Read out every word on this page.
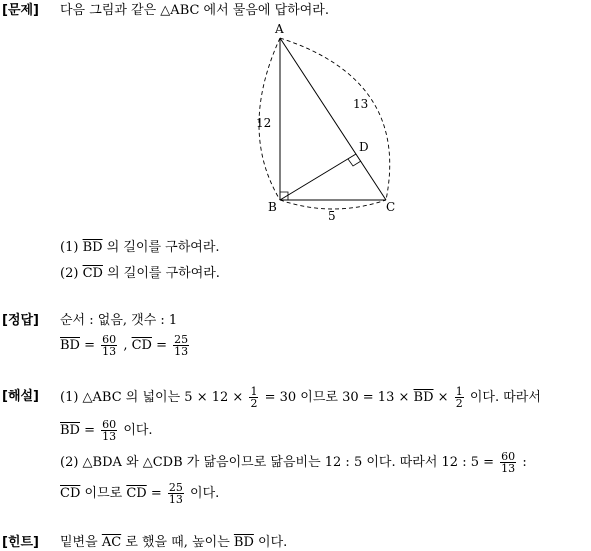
[문제] 다음 그림과 같은 △ABC 에서 물음에 답하여라.
A
B	C
D
12
13
5
(1) $\overline{BD}$ 의 길이를 구하여라.
(2) $\overline{CD}$ 의 길이를 구하여라.
[정답] 순서 : 없음, 갯수 : 1
$\overline{BD} = \frac{60}{13}$ , $\overline{CD} = \frac{25}{13}$
[해설] (1) △ABC 의 넓이는 $5 \times 12 \times \frac{1}{2} = 30$ 이므로 $30 = 13 \times \overline{BD} \times \frac{1}{2}$ 이다. 따라서
$\overline{BD} = \frac{60}{13}$ 이다.
(2) △BDA 와 △CDB 가 닮음이므로 닮음비는 12 : 5 이다. 따라서 12 : $5 = \frac{60}{13}$ :
$\overline{CD}$ 이므로 $\overline{CD} = \frac{25}{13}$ 이다.
[힌트] 밑변을 $\overline{AC}$ 로 했을 때, 높이는 $\overline{BD}$ 이다.
